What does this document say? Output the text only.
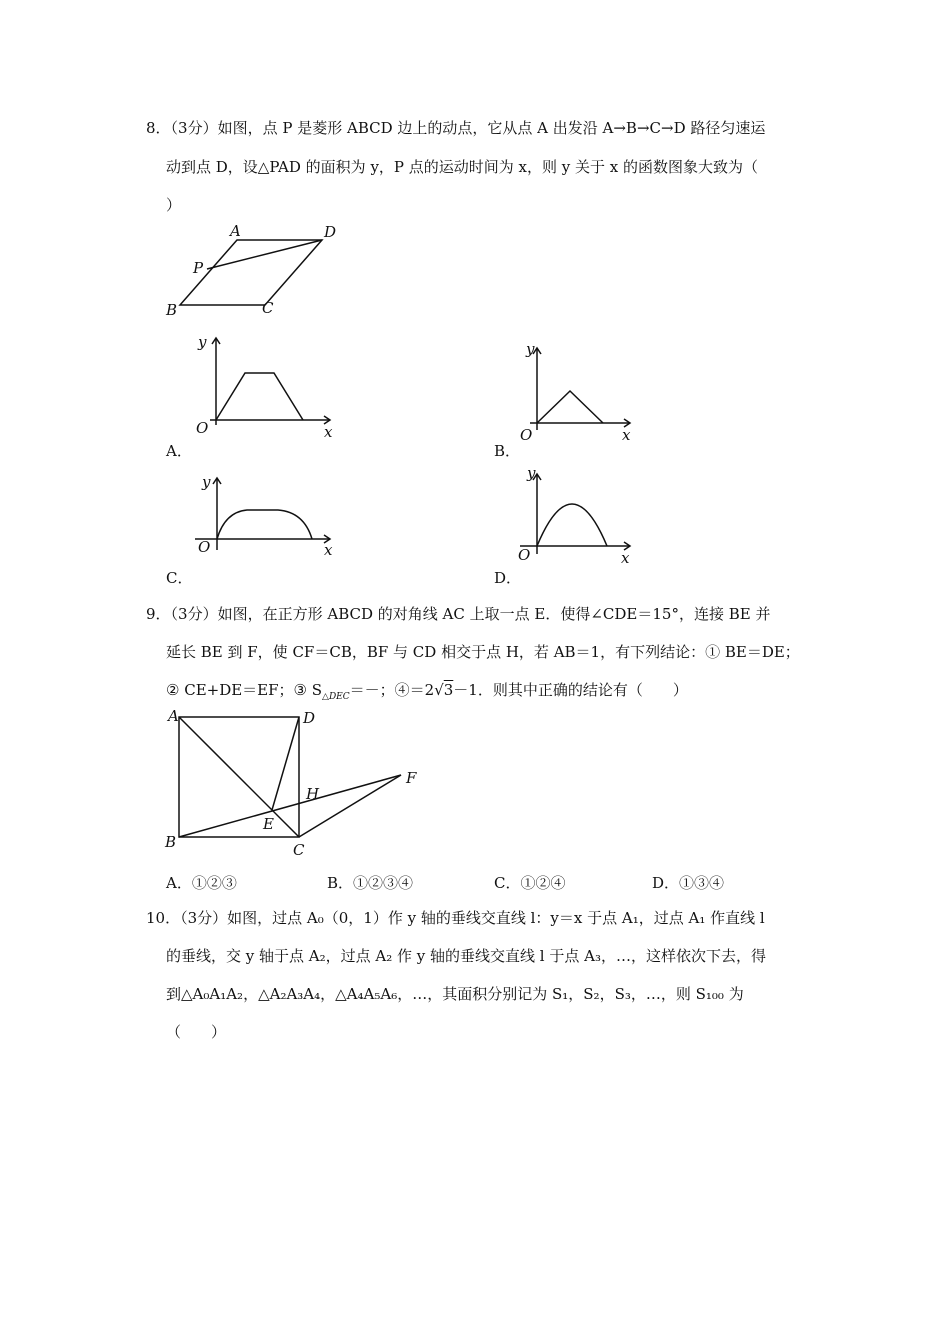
8．（3分）如图，点 P 是菱形 ABCD 边上的动点，它从点 A 出发沿 A→B→C→D 路径匀速运
动到点 D，设△PAD 的面积为 y，P 点的运动时间为 x，则 y 关于 x 的函数图象大致为（
）
A	D
P
B	C
y
x
O
A．
y
x
O
B．
y
x
O
C．
y
x
O
D．
9．（3分）如图，在正方形 ABCD 的对角线 AC 上取一点 E．使得∠CDE＝15°，连接 BE 并
延长 BE 到 F，使 CF＝CB，BF 与 CD 相交于点 H，若 AB＝1，有下列结论：① BE＝DE；
② CE+DE＝EF；③ $S_{\triangle DEC}=-$；④＝2√3－1．则其中正确的结论有（　　）
A	D
F
H
E
B	C
A．①②③	B．①②③④	C．①②④	D．①③④
10．（3分）如图，过点 A₀（0，1）作 y 轴的垂线交直线 l：y＝x 于点 A₁，过点 A₁ 作直线 l
的垂线，交 y 轴于点 A₂，过点 A₂ 作 y 轴的垂线交直线 l 于点 A₃，…，这样依次下去，得
到△A₀A₁A₂，△A₂A₃A₄，△A₄A₅A₆，…，其面积分别记为 S₁，S₂，S₃，…，则 S₁₀₀ 为
（　　）
